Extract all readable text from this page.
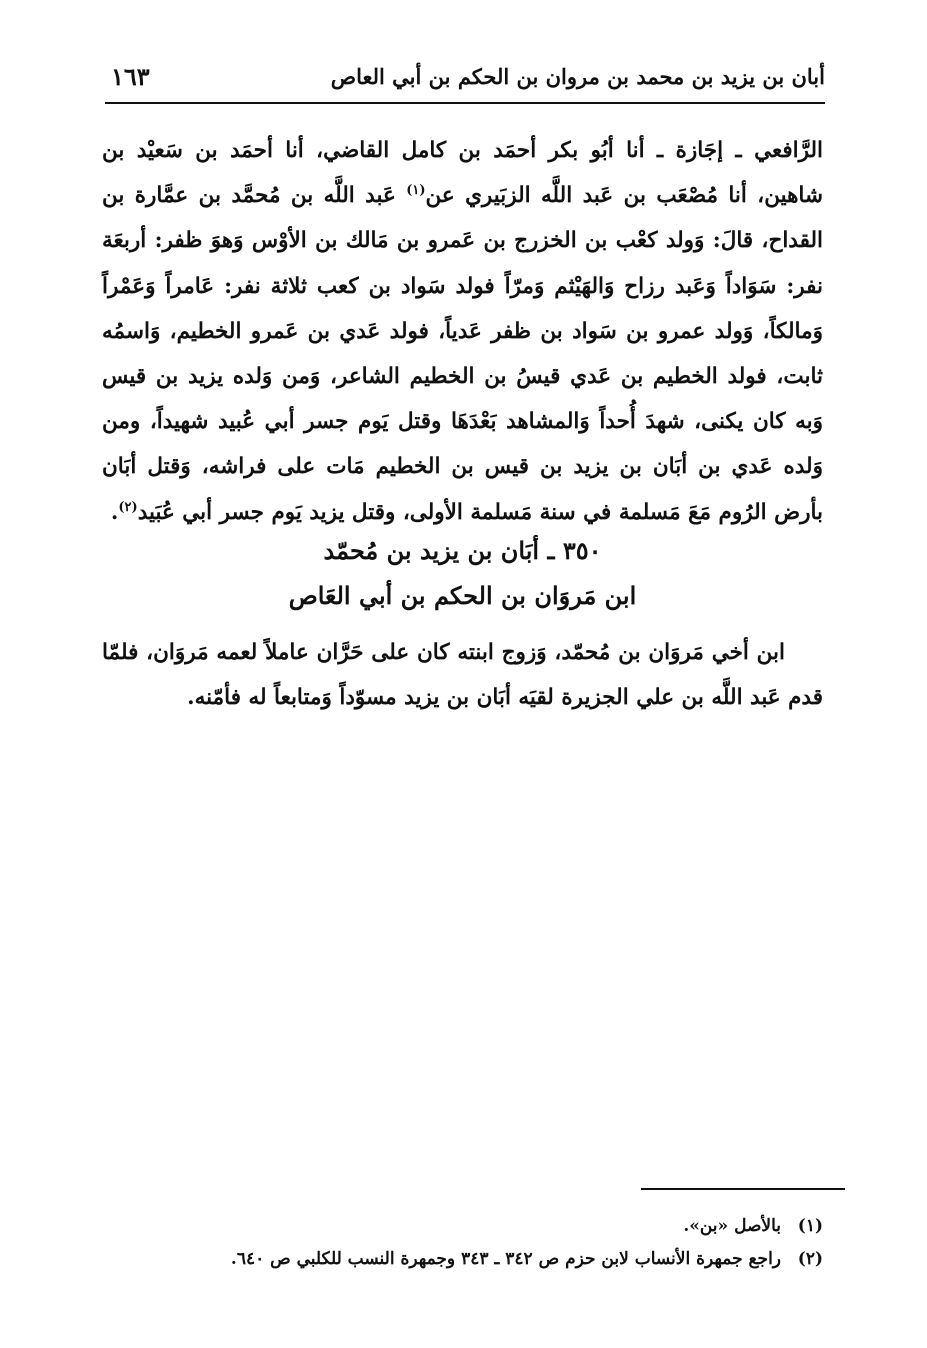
أبان بن يزيد بن محمد بن مروان بن الحكم بن أبي العاص
١٦٣

الرَّافعي ـ إجَازة ـ أنا أبُو بكر أحمَد بن كامل القاضي، أنا أحمَد بن سَعيْد بن شاهين، أنا مُصْعَب بن عَبد اللَّه الزبَيري عن$^{(١)}$ عَبد اللَّه بن مُحمَّد بن عمَّارة بن القداح، قالَ: وَولد كعْب بن الخزرج بن عَمرو بن مَالك بن الأوْس وَهوَ ظفر: أربعَة نفر: سَوَاداً وَعَبد رزاح وَالهَيْثم وَمرّاً فولد سَواد بن كعب ثلاثة نفر: عَامراً وَعَمْراً وَمالكاً، وَولد عمرو بن سَواد بن ظفر عَدياً، فولد عَدي بن عَمرو الخطيم، وَاسمُه ثابت، فولد الخطيم بن عَدي قيسُ بن الخطيم الشاعر، وَمن وَلده يزيد بن قيس وَبه كان يكنى، شهدَ أُحداً وَالمشاهد بَعْدَهَا وقتل يَوم جسر أبي عُبيد شهيداً، ومن وَلده عَدي بن أبَان بن يزيد بن قيس بن الخطيم مَات على فراشه، وَقتل أبَان بأرض الرُوم مَعَ مَسلمة في سنة مَسلمة الأولى، وقتل يزيد يَوم جسر أبي عُبَيد$^{(٢)}$.

٣٥٠ ـ أبَان بن يزيد بن مُحمّد
ابن مَروَان بن الحكم بن أبي العَاص

ابن أخي مَروَان بن مُحمّد، وَزوج ابنته كان على حَرَّان عاملاً لعمه مَروَان، فلمّا قدم عَبد اللَّه بن علي الجزيرة لقيَه أبَان بن يزيد مسوّداً وَمتابعاً له فأمّنه.

(١)بالأصل «بن».
(٢)راجع جمهرة الأنساب لابن حزم ص ٣٤٢ ـ ٣٤٣ وجمهرة النسب للكلبي ص ٦٤٠.
